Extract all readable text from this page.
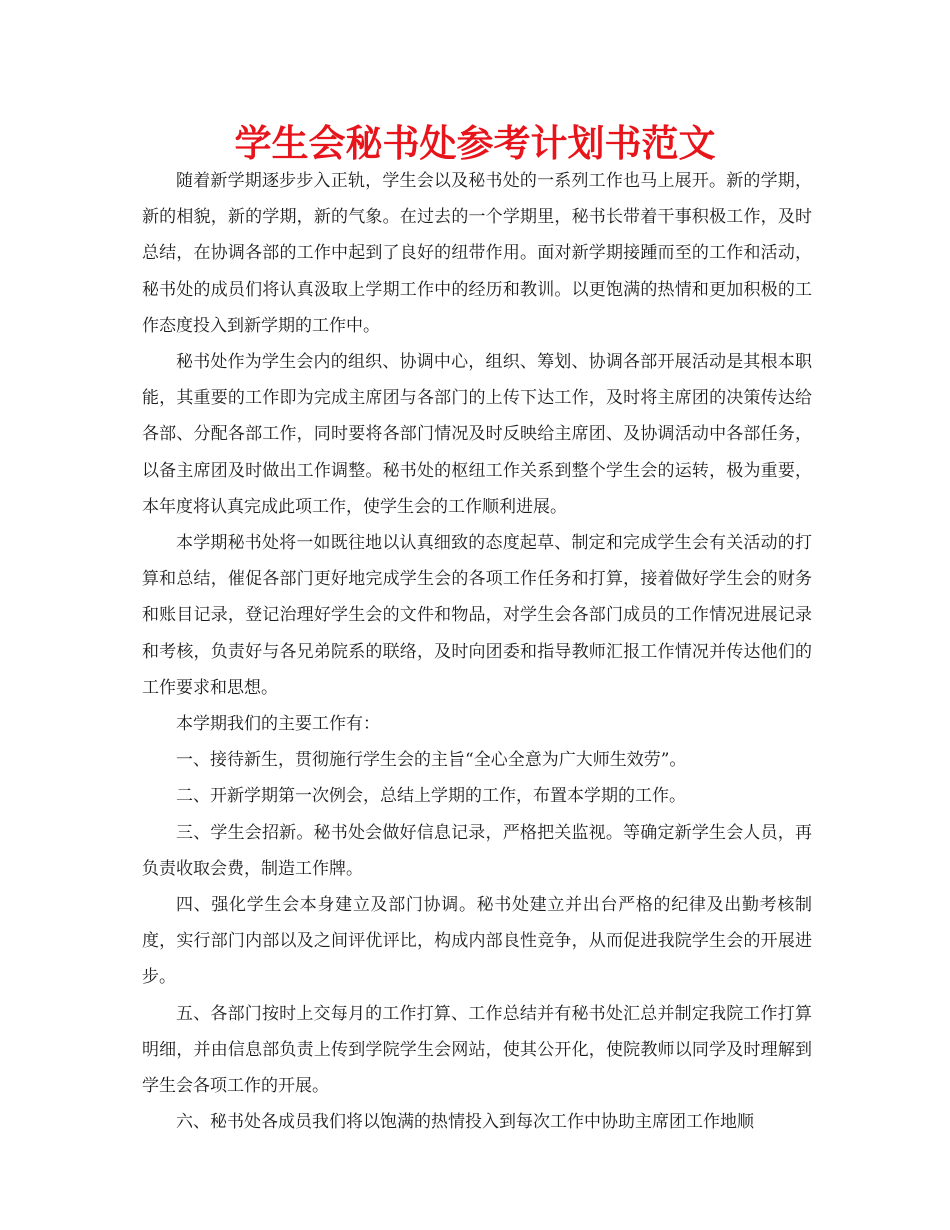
学生会秘书处参考计划书范文

随着新学期逐步步入正轨，学生会以及秘书处的一系列工作也马上展开。新的学期，新的相貌，新的学期，新的气象。在过去的一个学期里，秘书长带着干事积极工作，及时总结，在协调各部的工作中起到了良好的纽带作用。面对新学期接踵而至的工作和活动，秘书处的成员们将认真汲取上学期工作中的经历和教训。以更饱满的热情和更加积极的工作态度投入到新学期的工作中。

秘书处作为学生会内的组织、协调中心，组织、筹划、协调各部开展活动是其根本职能，其重要的工作即为完成主席团与各部门的上传下达工作，及时将主席团的决策传达给各部、分配各部工作，同时要将各部门情况及时反映给主席团、及协调活动中各部任务，以备主席团及时做出工作调整。秘书处的枢纽工作关系到整个学生会的运转，极为重要，本年度将认真完成此项工作，使学生会的工作顺利进展。

本学期秘书处将一如既往地以认真细致的态度起草、制定和完成学生会有关活动的打算和总结，催促各部门更好地完成学生会的各项工作任务和打算，接着做好学生会的财务和账目记录，登记治理好学生会的文件和物品，对学生会各部门成员的工作情况进展记录和考核，负责好与各兄弟院系的联络，及时向团委和指导教师汇报工作情况并传达他们的工作要求和思想。

本学期我们的主要工作有：

一、接待新生，贯彻施行学生会的主旨“全心全意为广大师生效劳”。

二、开新学期第一次例会，总结上学期的工作，布置本学期的工作。

三、学生会招新。秘书处会做好信息记录，严格把关监视。等确定新学生会人员，再负责收取会费，制造工作牌。

四、强化学生会本身建立及部门协调。秘书处建立并出台严格的纪律及出勤考核制度，实行部门内部以及之间评优评比，构成内部良性竞争，从而促进我院学生会的开展进步。

五、各部门按时上交每月的工作打算、工作总结并有秘书处汇总并制定我院工作打算明细，并由信息部负责上传到学院学生会网站，使其公开化，使院教师以同学及时理解到学生会各项工作的开展。

六、秘书处各成员我们将以饱满的热情投入到每次工作中协助主席团工作地顺
